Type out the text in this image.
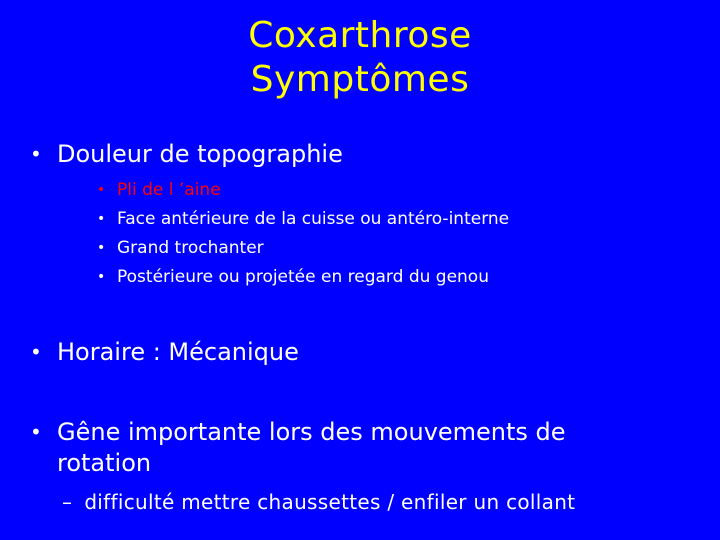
Coxarthrose
Symptômes
• Douleur de topographie
• Pli de l ’aine
• Face antérieure de la cuisse ou antéro-interne
• Grand trochanter
• Postérieure ou projetée en regard du genou
• Horaire : Mécanique
• Gêne importante lors des mouvements de
rotation
– difficulté mettre chaussettes / enfiler un collant
